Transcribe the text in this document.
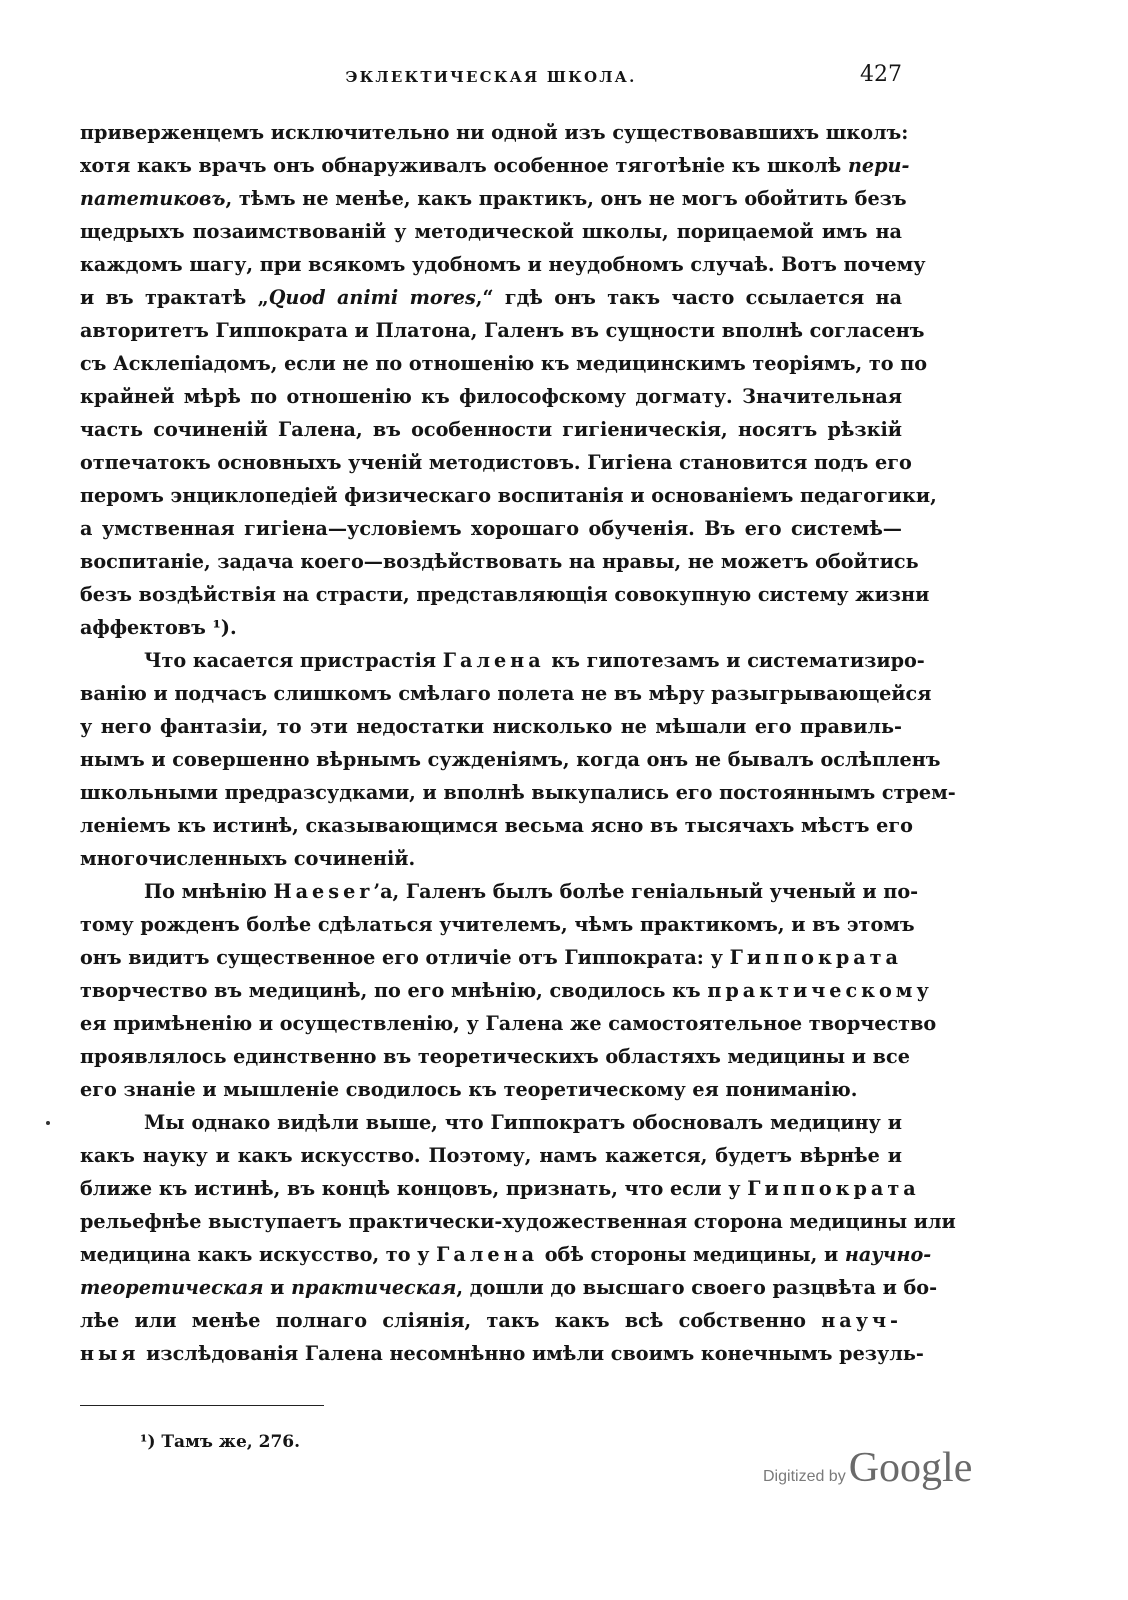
ЭКЛЕКТИЧЕСКАЯ ШКОЛА.	427
приверженцемъ исключительно ни одной изъ существовавшихъ школъ:
хотя какъ врачъ онъ обнаруживалъ особенное тяготѣніе къ школѣ пери-
патетиковъ, тѣмъ не менѣе, какъ практикъ, онъ не могъ обойтить безъ
щедрыхъ позаимствованій у методической школы, порицаемой имъ на
каждомъ шагу, при всякомъ удобномъ и неудобномъ случаѣ. Вотъ почему
и въ трактатѣ „Quod animi mores,“ гдѣ онъ такъ часто ссылается на
авторитетъ Гиппократа и Платона, Галенъ въ сущности вполнѣ согласенъ
съ Асклепіадомъ, если не по отношенію къ медицинскимъ теоріямъ, то по
крайней мѣрѣ по отношенію къ философскому догмату. Значительная
часть сочиненій Галена, въ особенности гигіеническія, носятъ рѣзкій
отпечатокъ основныхъ ученій методистовъ. Гигіена становится подъ его
перомъ энциклопедіей физическаго воспитанія и основаніемъ педагогики,
а умственная гигіена—условіемъ хорошаго обученія. Въ его системѣ—
воспитаніе, задача коего—воздѣйствовать на нравы, не можетъ обойтись
безъ воздѣйствія на страсти, представляющія совокупную систему жизни
аффектовъ ¹).
Что касается пристрастія Галена къ гипотезамъ и систематизиро-
ванію и подчасъ слишкомъ смѣлаго полета не въ мѣру разыгрывающейся
у него фантазіи, то эти недостатки нисколько не мѣшали его правиль-
нымъ и совершенно вѣрнымъ сужденіямъ, когда онъ не бывалъ ослѣпленъ
школьными предразсудками, и вполнѣ выкупались его постояннымъ стрем-
леніемъ къ истинѣ, сказывающимся весьма ясно въ тысячахъ мѣстъ его
многочисленныхъ сочиненій.
По мнѣнію Haeser’а, Галенъ былъ болѣе геніальный ученый и по-
тому рожденъ болѣе сдѣлаться учителемъ, чѣмъ практикомъ, и въ этомъ
онъ видитъ существенное его отличіе отъ Гиппократа: у Гиппократа
творчество въ медицинѣ, по его мнѣнію, сводилось къ практическому
ея примѣненію и осуществленію, у Галена же самостоятельное творчество
проявлялось единственно въ теоретическихъ областяхъ медицины и все
его знаніе и мышленіе сводилось къ теоретическому ея пониманію.
Мы однако видѣли выше, что Гиппократъ обосновалъ медицину и
какъ науку и какъ искусство. Поэтому, намъ кажется, будетъ вѣрнѣе и
ближе къ истинѣ, въ концѣ концовъ, признать, что если у Гиппократа
рельефнѣе выступаетъ практически-художественная сторона медицины или
медицина какъ искусство, то у Галена обѣ стороны медицины, и научно-
теоретическая и практическая, дошли до высшаго своего разцвѣта и бо-
лѣе или менѣе полнаго сліянія, такъ какъ всѣ собственно науч-
ныя изслѣдованія Галена несомнѣнно имѣли своимъ конечнымъ резуль-
¹) Тамъ же, 276.
Digitized by Google
